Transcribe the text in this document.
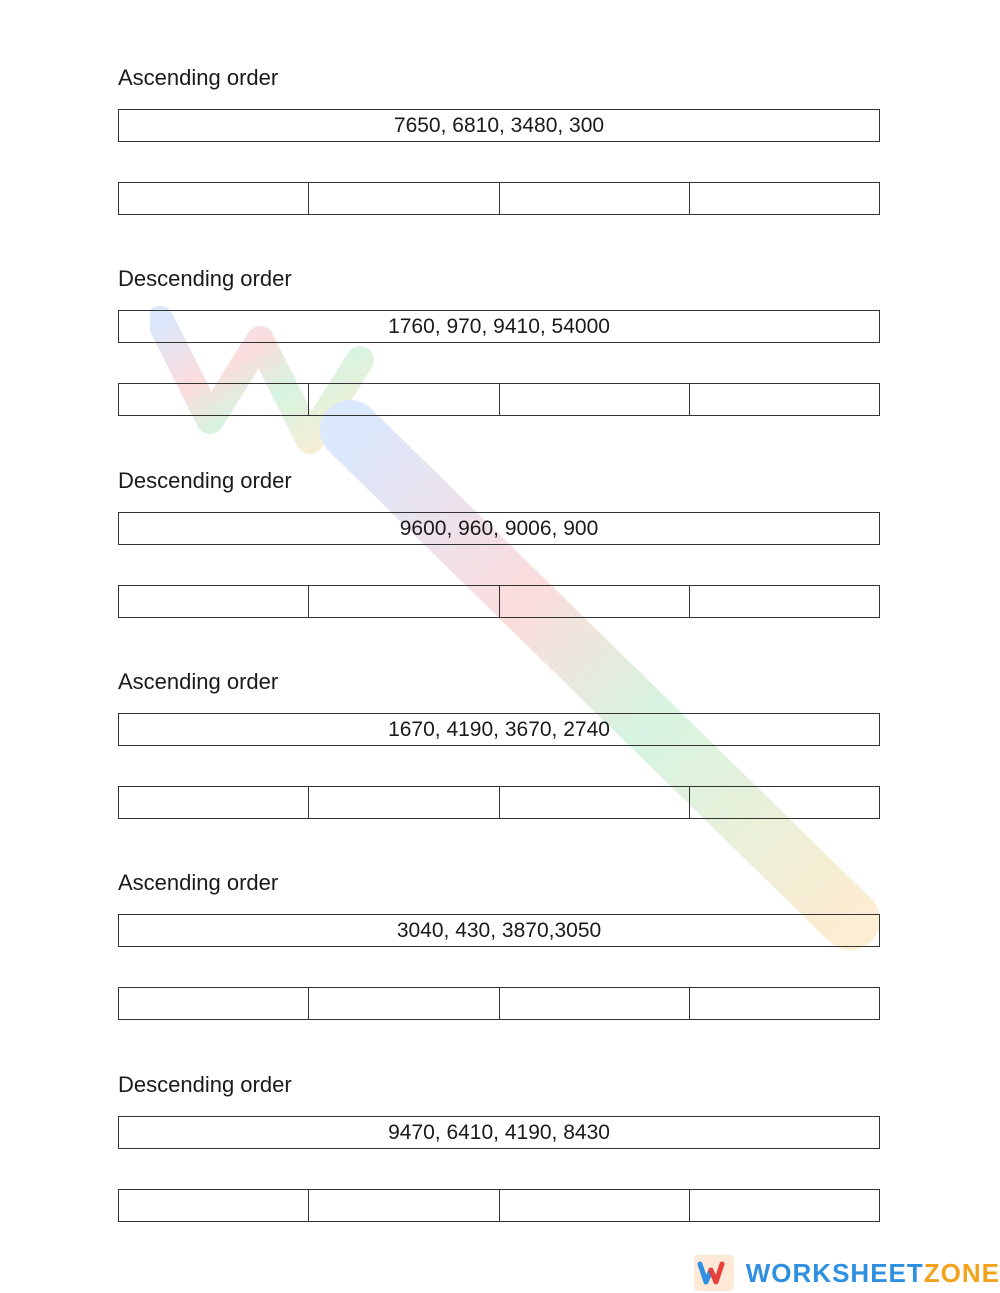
Ascending order
7650, 6810, 3480, 300
Descending order
1760, 970, 9410, 54000
Descending order
9600, 960, 9006, 900
Ascending order
1670, 4190, 3670, 2740
Ascending order
3040, 430, 3870,3050
Descending order
9470, 6410, 4190, 8430
WORKSHEETZONE
